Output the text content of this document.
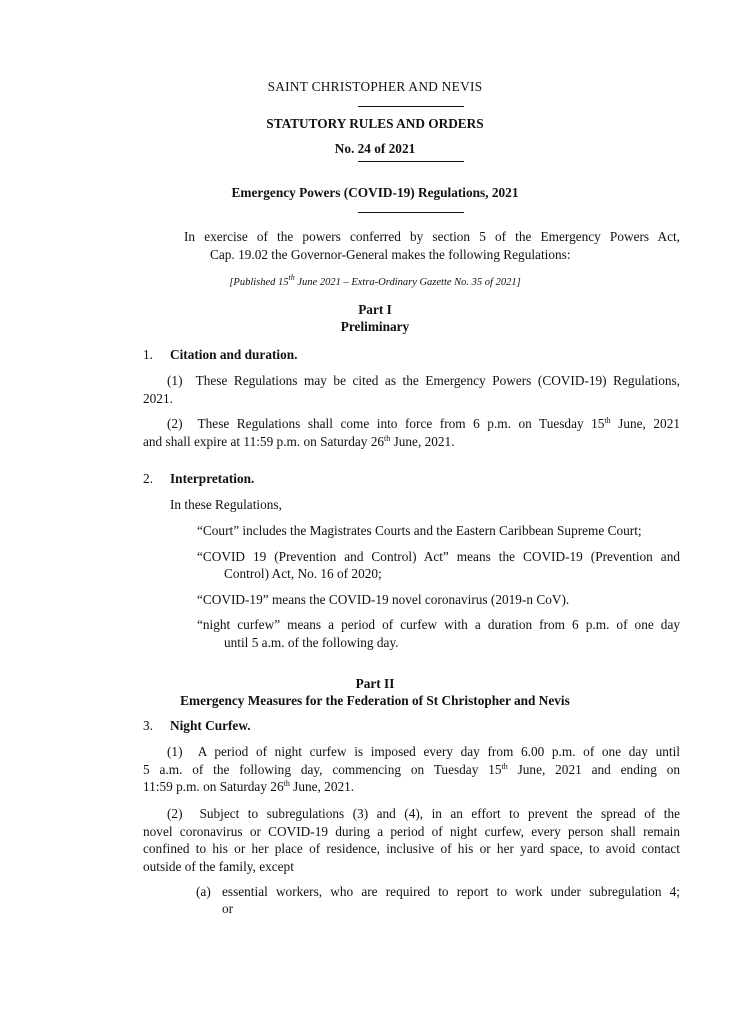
SAINT CHRISTOPHER AND NEVIS
STATUTORY RULES AND ORDERS
No. 24 of 2021
Emergency Powers (COVID-19) Regulations, 2021
In exercise of the powers conferred by section 5 of the Emergency Powers Act,
Cap. 19.02 the Governor-General makes the following Regulations:
[Published 15th June 2021 – Extra-Ordinary Gazette No. 35 of 2021]
Part I
Preliminary
1. Citation and duration.
(1)  These Regulations may be cited as the Emergency Powers (COVID-19) Regulations,
2021.
(2)  These Regulations shall come into force from 6 p.m. on Tuesday 15th June, 2021
and shall expire at 11:59 p.m. on Saturday 26th June, 2021.
2. Interpretation.
In these Regulations,
“Court” includes the Magistrates Courts and the Eastern Caribbean Supreme Court;
“COVID 19 (Prevention and Control) Act” means the COVID-19 (Prevention and
Control) Act, No. 16 of 2020;
“COVID-19” means the COVID-19 novel coronavirus (2019-n CoV).
“night curfew” means a period of curfew with a duration from 6 p.m. of one day
until 5 a.m. of the following day.
Part II
Emergency Measures for the Federation of St Christopher and Nevis
3. Night Curfew.
(1)  A period of night curfew is imposed every day from 6.00 p.m. of one day until
5 a.m. of the following day, commencing on Tuesday 15th June, 2021 and ending on
11:59 p.m. on Saturday 26th June, 2021.
(2)  Subject to subregulations (3) and (4), in an effort to prevent the spread of the
novel coronavirus or COVID-19 during a period of night curfew, every person shall remain
confined to his or her place of residence, inclusive of his or her yard space, to avoid contact
outside of the family, except
(a) essential workers, who are required to report to work under subregulation 4;
or
